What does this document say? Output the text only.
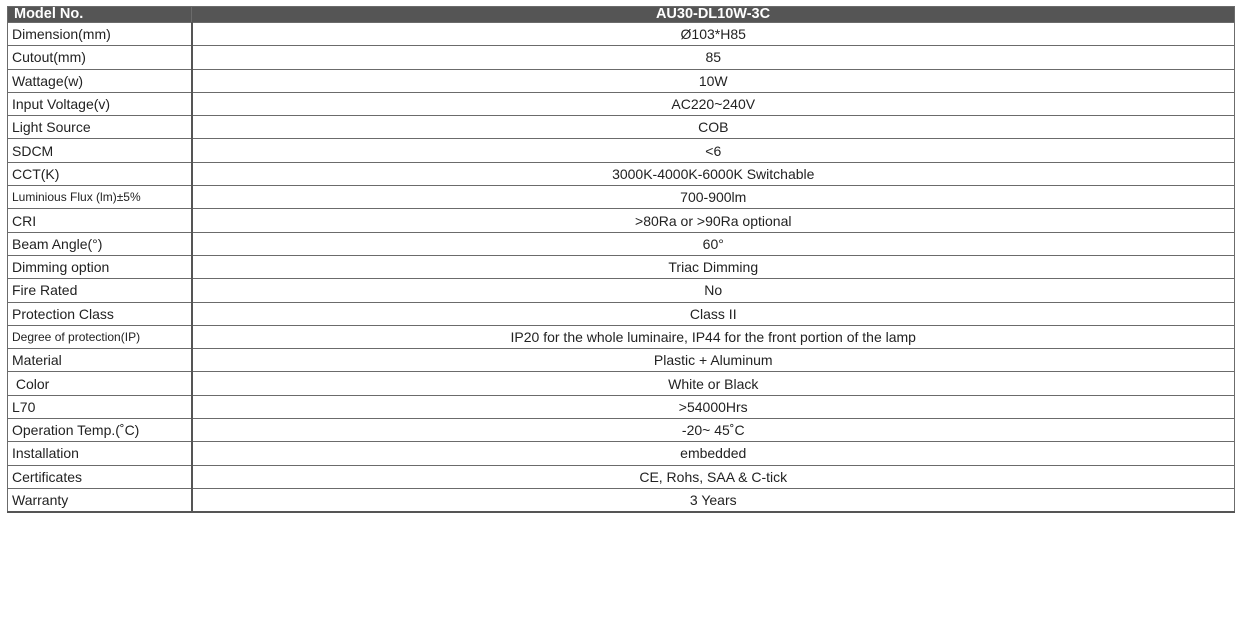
Model No.	AU30-DL10W-3C
Dimension(mm)	Ø103*H85
Cutout(mm)	85
Wattage(w)	10W
Input Voltage(v)	AC220~240V
Light Source	COB
SDCM	<6
CCT(K)	3000K-4000K-6000K Switchable
Luminious Flux (lm)±5%	700-900lm
CRI	>80Ra or >90Ra optional
Beam Angle(°)	60°
Dimming option	Triac Dimming
Fire Rated	No
Protection Class	Class II
Degree of protection(IP)	IP20 for the whole luminaire, IP44 for the front portion of the lamp
Material	Plastic + Aluminum
Color	White or Black
L70	>54000Hrs
Operation Temp.(˚C)	-20~ 45˚C
Installation	embedded
Certificates	CE, Rohs, SAA & C-tick
Warranty	3 Years
